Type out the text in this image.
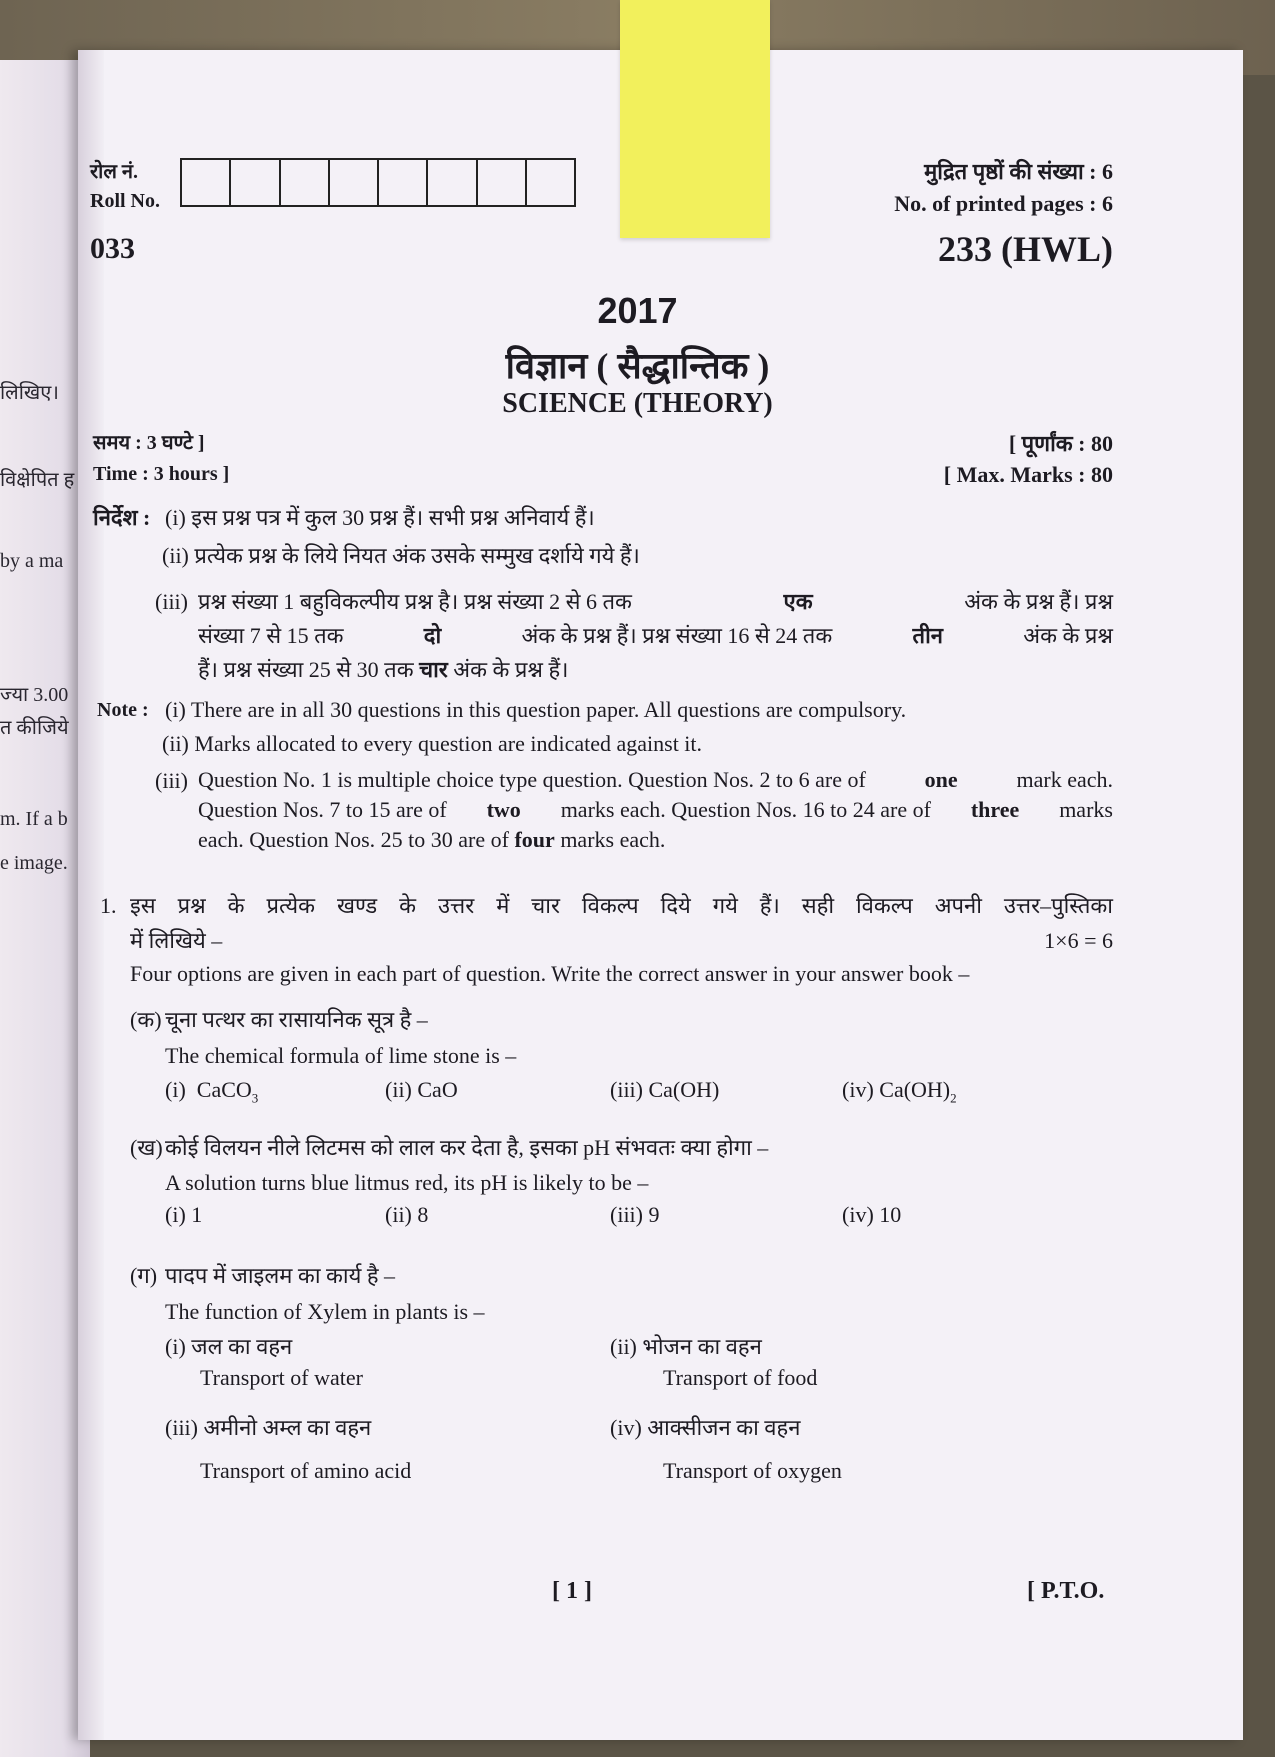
लिखिए।
विक्षेपित ह
by a ma
ज्या 3.00
त कीजिये
m. If a b
e image.
रोल नं.
Roll No.
033
मुद्रित पृष्ठों की संख्या : 6
No. of printed pages : 6
233 (HWL)
2017
विज्ञान ( सैद्धान्तिक )
SCIENCE (THEORY)
समय : 3 घण्टे ]
Time : 3 hours ]
[ पूर्णांक : 80
[ Max. Marks : 80
निर्देश : (i) इस प्रश्न पत्र में कुल 30 प्रश्न हैं। सभी प्रश्न अनिवार्य हैं।
(ii) प्रत्येक प्रश्न के लिये नियत अंक उसके सम्मुख दर्शाये गये हैं।
(iii) प्रश्न संख्या 1 बहुविकल्पीय प्रश्न है। प्रश्न संख्या 2 से 6 तक	एक	अंक के प्रश्न हैं। प्रश्न
संख्या 7 से 15 तक	दो	अंक के प्रश्न हैं। प्रश्न संख्या 16 से 24 तक	तीन	अंक के प्रश्न
हैं। प्रश्न संख्या 25 से 30 तक चार अंक के प्रश्न हैं।
Note : (i) There are in all 30 questions in this question paper. All questions are compulsory.
(ii) Marks allocated to every question are indicated against it.
(iii) Question No. 1 is multiple choice type question. Question Nos. 2 to 6 are of	one	mark each.
Question Nos. 7 to 15 are of two marks each. Question Nos. 16 to 24 are of three marks
each. Question Nos. 25 to 30 are of four marks each.
1. इस प्रश्न के प्रत्येक खण्ड के उत्तर में चार विकल्प दिये गये हैं। सही विकल्प अपनी उत्तर–पुस्तिका
में लिखिये –	1×6 = 6
Four options are given in each part of question. Write the correct answer in your answer book –
(क) चूना पत्थर का रासायनिक सूत्र है –
The chemical formula of lime stone is –
(i) CaCO$_3$	(ii) CaO	(iii) Ca(OH)	(iv) $Ca(OH)_2$
(ख) कोई विलयन नीले लिटमस को लाल कर देता है, इसका pH संभवतः क्या होगा –
A solution turns blue litmus red, its pH is likely to be –
(i) 1	(ii) 8	(iii) 9	(iv) 10
(ग) पादप में जाइलम का कार्य है –
The function of Xylem in plants is –
(i) जल का वहन
Transport of water
(ii) भोजन का वहन
Transport of food
(iii) अमीनो अम्ल का वहन
Transport of amino acid
(iv) आक्सीजन का वहन
Transport of oxygen
[ 1 ]	[ P.T.O.
